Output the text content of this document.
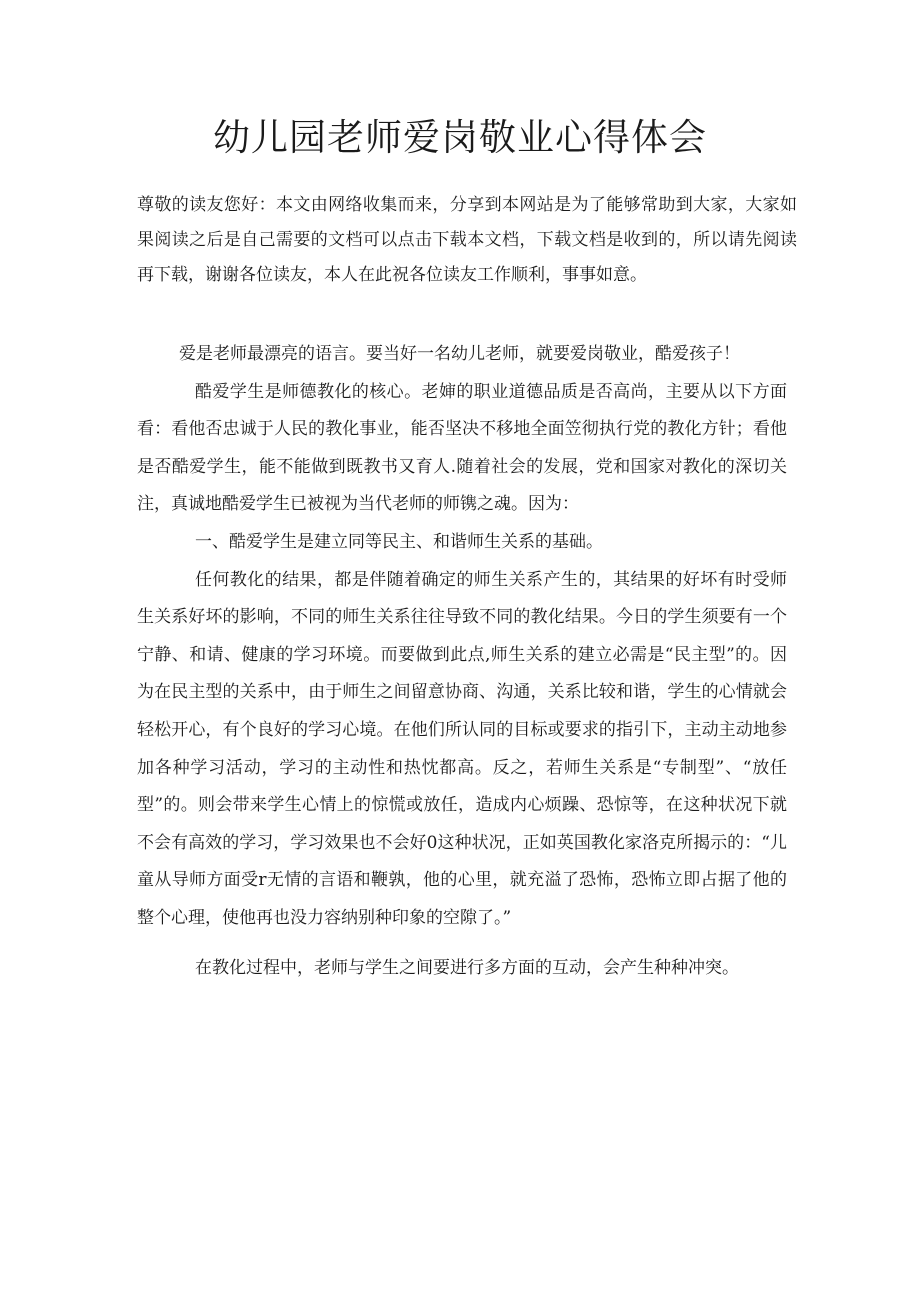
幼儿园老师爱岗敬业心得体会

尊敬的读友您好：本文由网络收集而来，分享到本网站是为了能够常助到大家，大家如果阅读之后是自己需要的文档可以点击下载本文档，下载文档是收到的，所以请先阅读再下载，谢谢各位读友，本人在此祝各位读友工作顺利，事事如意。

爱是老师最漂亮的语言。要当好一名幼儿老师，就要爱岗敬业，酷爱孩子！

酷爱学生是师德教化的核心。老婶的职业道德品质是否高尚，主要从以下方面看：看他否忠诚于人民的教化事业，能否坚决不移地全面笠彻执行党的教化方针；看他是否酷爱学生，能不能做到既教书又育人.随着社会的发展，党和国家对教化的深切关注，真诚地酷爱学生已被视为当代老师的师镌之魂。因为：

一、酷爱学生是建立同等民主、和谐师生关系的基础。

任何教化的结果，都是伴随着确定的师生关系产生的，其结果的好坏有时受师生关系好坏的影响，不同的师生关系往往导致不同的教化结果。今日的学生须要有一个宁静、和请、健康的学习环境。而要做到此点,师生关系的建立必需是“民主型”的。因为在民主型的关系中，由于师生之间留意协商、沟通，关系比较和谐，学生的心情就会轻松开心，有个良好的学习心境。在他们所认同的目标或要求的指引下，主动主动地参加各种学习活动，学习的主动性和热忱都高。反之，若师生关系是“专制型”、“放任型”的。则会带来学生心情上的惊慌或放任，造成内心烦躁、恐惊等，在这种状况下就不会有高效的学习，学习效果也不会好0这种状况，正如英国教化家洛克所揭示的：“儿童从导师方面受r无情的言语和鞭孰，他的心里，就充溢了恐怖，恐怖立即占据了他的整个心理，使他再也没力容纳别种印象的空隙了。”

在教化过程中，老师与学生之间要进行多方面的互动，会产生种种冲突。
